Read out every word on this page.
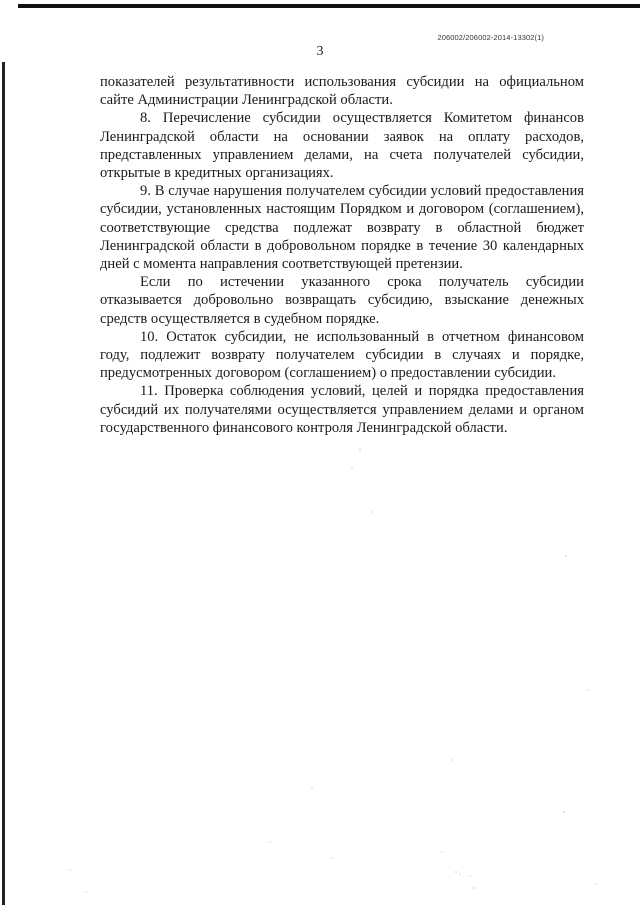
206002/206002-2014-13302(1)
3

показателей результативности использования субсидии на официальном сайте Администрации Ленинградской области.

8. Перечисление субсидии осуществляется Комитетом финансов Ленинградской области на основании заявок на оплату расходов, представленных управлением делами, на счета получателей субсидии, открытые в кредитных организациях.

9. В случае нарушения получателем субсидии условий предоставления субсидии, установленных настоящим Порядком и договором (соглашением), соответствующие средства подлежат возврату в областной бюджет Ленинградской области в добровольном порядке в течение 30 календарных дней с момента направления соответствующей претензии.

Если по истечении указанного срока получатель субсидии отказывается добровольно возвращать субсидию, взыскание денежных средств осуществляется в судебном порядке.

10. Остаток субсидии, не использованный в отчетном финансовом году, подлежит возврату получателем субсидии в случаях и порядке, предусмотренных договором (соглашением) о предоставлении субсидии.

11. Проверка соблюдения условий, целей и порядка предоставления субсидий их получателями осуществляется управлением делами и органом государственного финансового контроля Ленинградской области.
